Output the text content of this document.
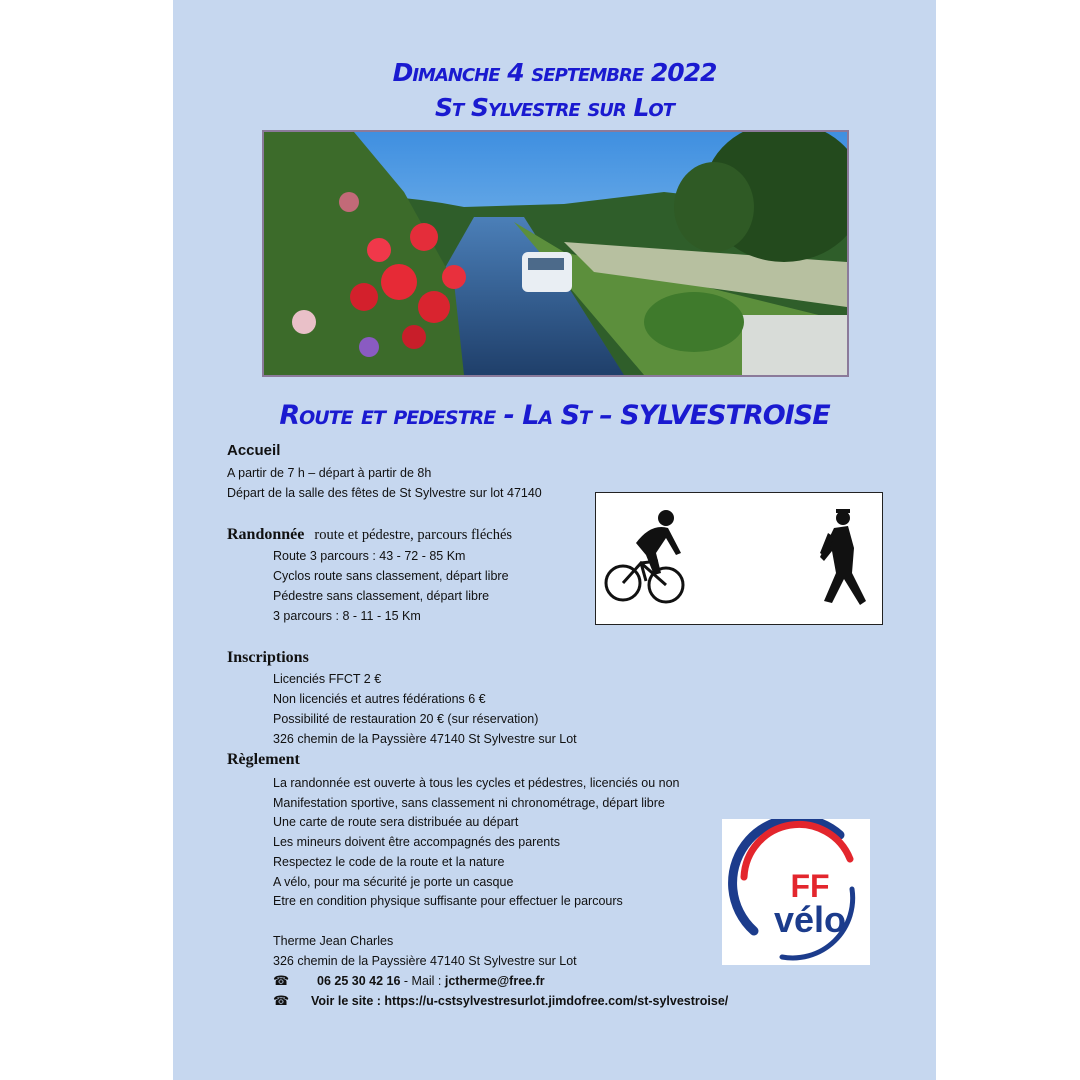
Dimanche 4 septembre 2022
St Sylvestre sur Lot
Route et pedestre - La St – SYLVESTROISE
Accueil
A partir de 7 h – départ à partir de 8h
Départ de la salle des fêtes de St Sylvestre sur lot 47140
Randonnée route et pédestre, parcours fléchés
Route 3 parcours : 43 - 72 - 85 Km
Cyclos route sans classement, départ libre
Pédestre sans classement, départ libre
3 parcours : 8 - 11 - 15 Km
Inscriptions
Licenciés FFCT 2 €
Non licenciés et autres fédérations 6 €
Possibilité de restauration 20 € (sur réservation)
326 chemin de la Payssière 47140 St Sylvestre sur Lot
Règlement
La randonnée est ouverte à tous les cycles et pédestres, licenciés ou non
Manifestation sportive, sans classement ni chronométrage, départ libre
Une carte de route sera distribuée au départ
Les mineurs doivent être accompagnés des parents
Respectez le code de la route et la nature
A vélo, pour ma sécurité je porte un casque
Etre en condition physique suffisante pour effectuer le parcours
Therme Jean Charles
326 chemin de la Payssière 47140 St Sylvestre sur Lot
☎ 06 25 30 42 16 - Mail : jctherme@free.fr
☎ Voir le site : https://u-cstsylvestresurlot.jimdofree.com/st-sylvestroise/
FF
vélo
